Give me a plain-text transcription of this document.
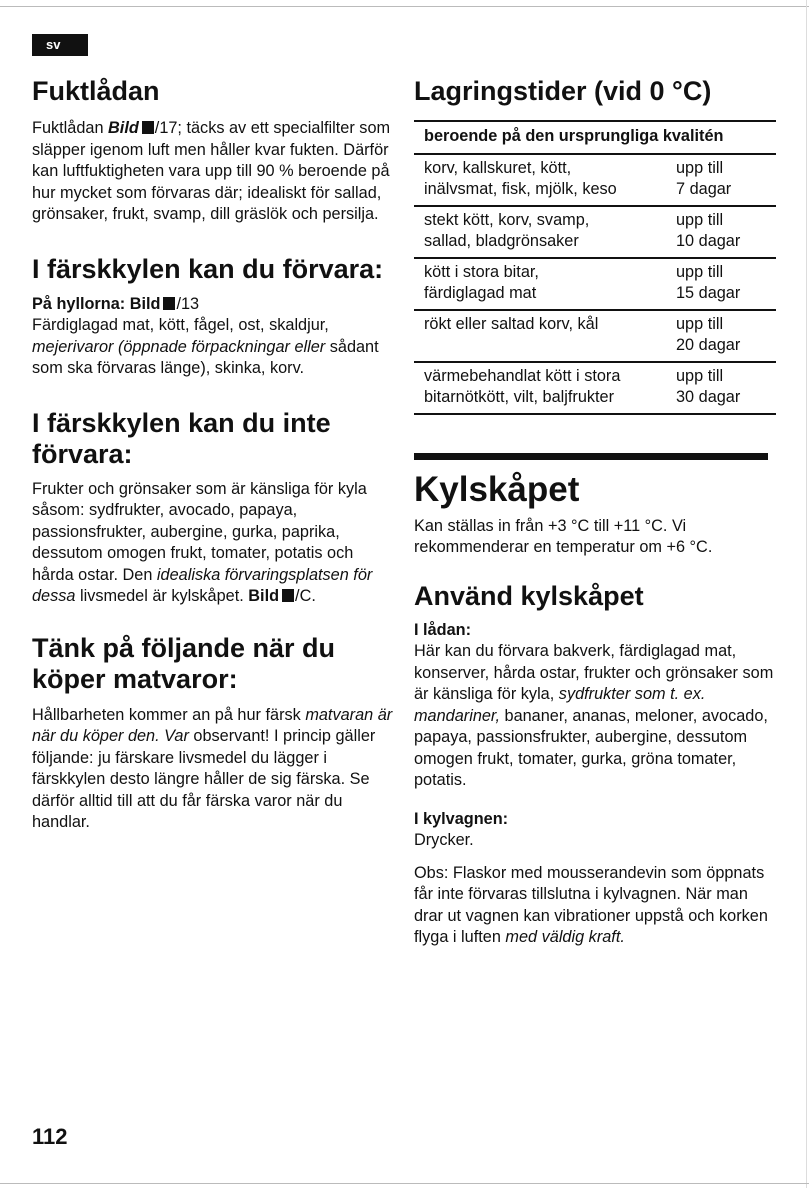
sv
Fuktlådan

Fuktlådan Bild /17; täcks av ett specialfilter som släpper igenom luft men håller kvar fukten. Därför kan luftfuktigheten vara upp till 90 % beroende på hur mycket som förvaras där; idealiskt för sallad, grönsaker, frukt, svamp, dill gräslök och persilja.

I färskkylen kan du förvara:
På hyllorna: Bild /13

Färdiglagad mat, kött, fågel, ost, skaldjur, mejerivaror (öppnade förpackningar eller sådant som ska förvaras länge), skinka, korv.

I färskkylen kan du inte förvara:

Frukter och grönsaker som är känsliga för kyla såsom: sydfrukter, avocado, papaya, passionsfrukter, aubergine, gurka, paprika, dessutom omogen frukt, tomater, potatis och hårda ostar. Den idealiska förvaringsplatsen för dessa livsmedel är kylskåpet. Bild /C.

Tänk på följande när du köper matvaror:

Hållbarheten kommer an på hur färsk matvaran är när du köper den. Var observant! I princip gäller följande: ju färskare livsmedel du lägger i färskkylen desto längre håller de sig färska. Se därför alltid till att du får färska varor när du handlar.

Lagringstider (vid 0 °C)
beroende på den ursprungliga kvalitén
korv, kallskuret, kött,
inälvsmat, fisk, mjölk, keso
upp till
7 dagar
stekt kött, korv, svamp,
sallad, bladgrönsaker
upp till
10 dagar
kött i stora bitar,
färdiglagad mat
upp till
15 dagar
rökt eller saltad korv, kål	upp till
20 dagar
värmebehandlat kött i stora
bitarnötkött, vilt, baljfrukter
upp till
30 dagar
Kylskåpet

Kan ställas in från +3 °C till +11 °C. Vi rekommenderar en temperatur om +6 °C.

Använd kylskåpet
I lådan:

Här kan du förvara bakverk, färdiglagad mat, konserver, hårda ostar, frukter och grönsaker som är känsliga för kyla, sydfrukter som t. ex. mandariner, bananer, ananas, meloner, avocado, papaya, passionsfrukter, aubergine, dessutom omogen frukt, tomater, gurka, gröna tomater, potatis.

I kylvagnen:

Drycker.

Obs: Flaskor med mousserandevin som öppnats får inte förvaras tillslutna i kylvagnen. När man drar ut vagnen kan vibrationer uppstå och korken flyga i luften med väldig kraft.

112
